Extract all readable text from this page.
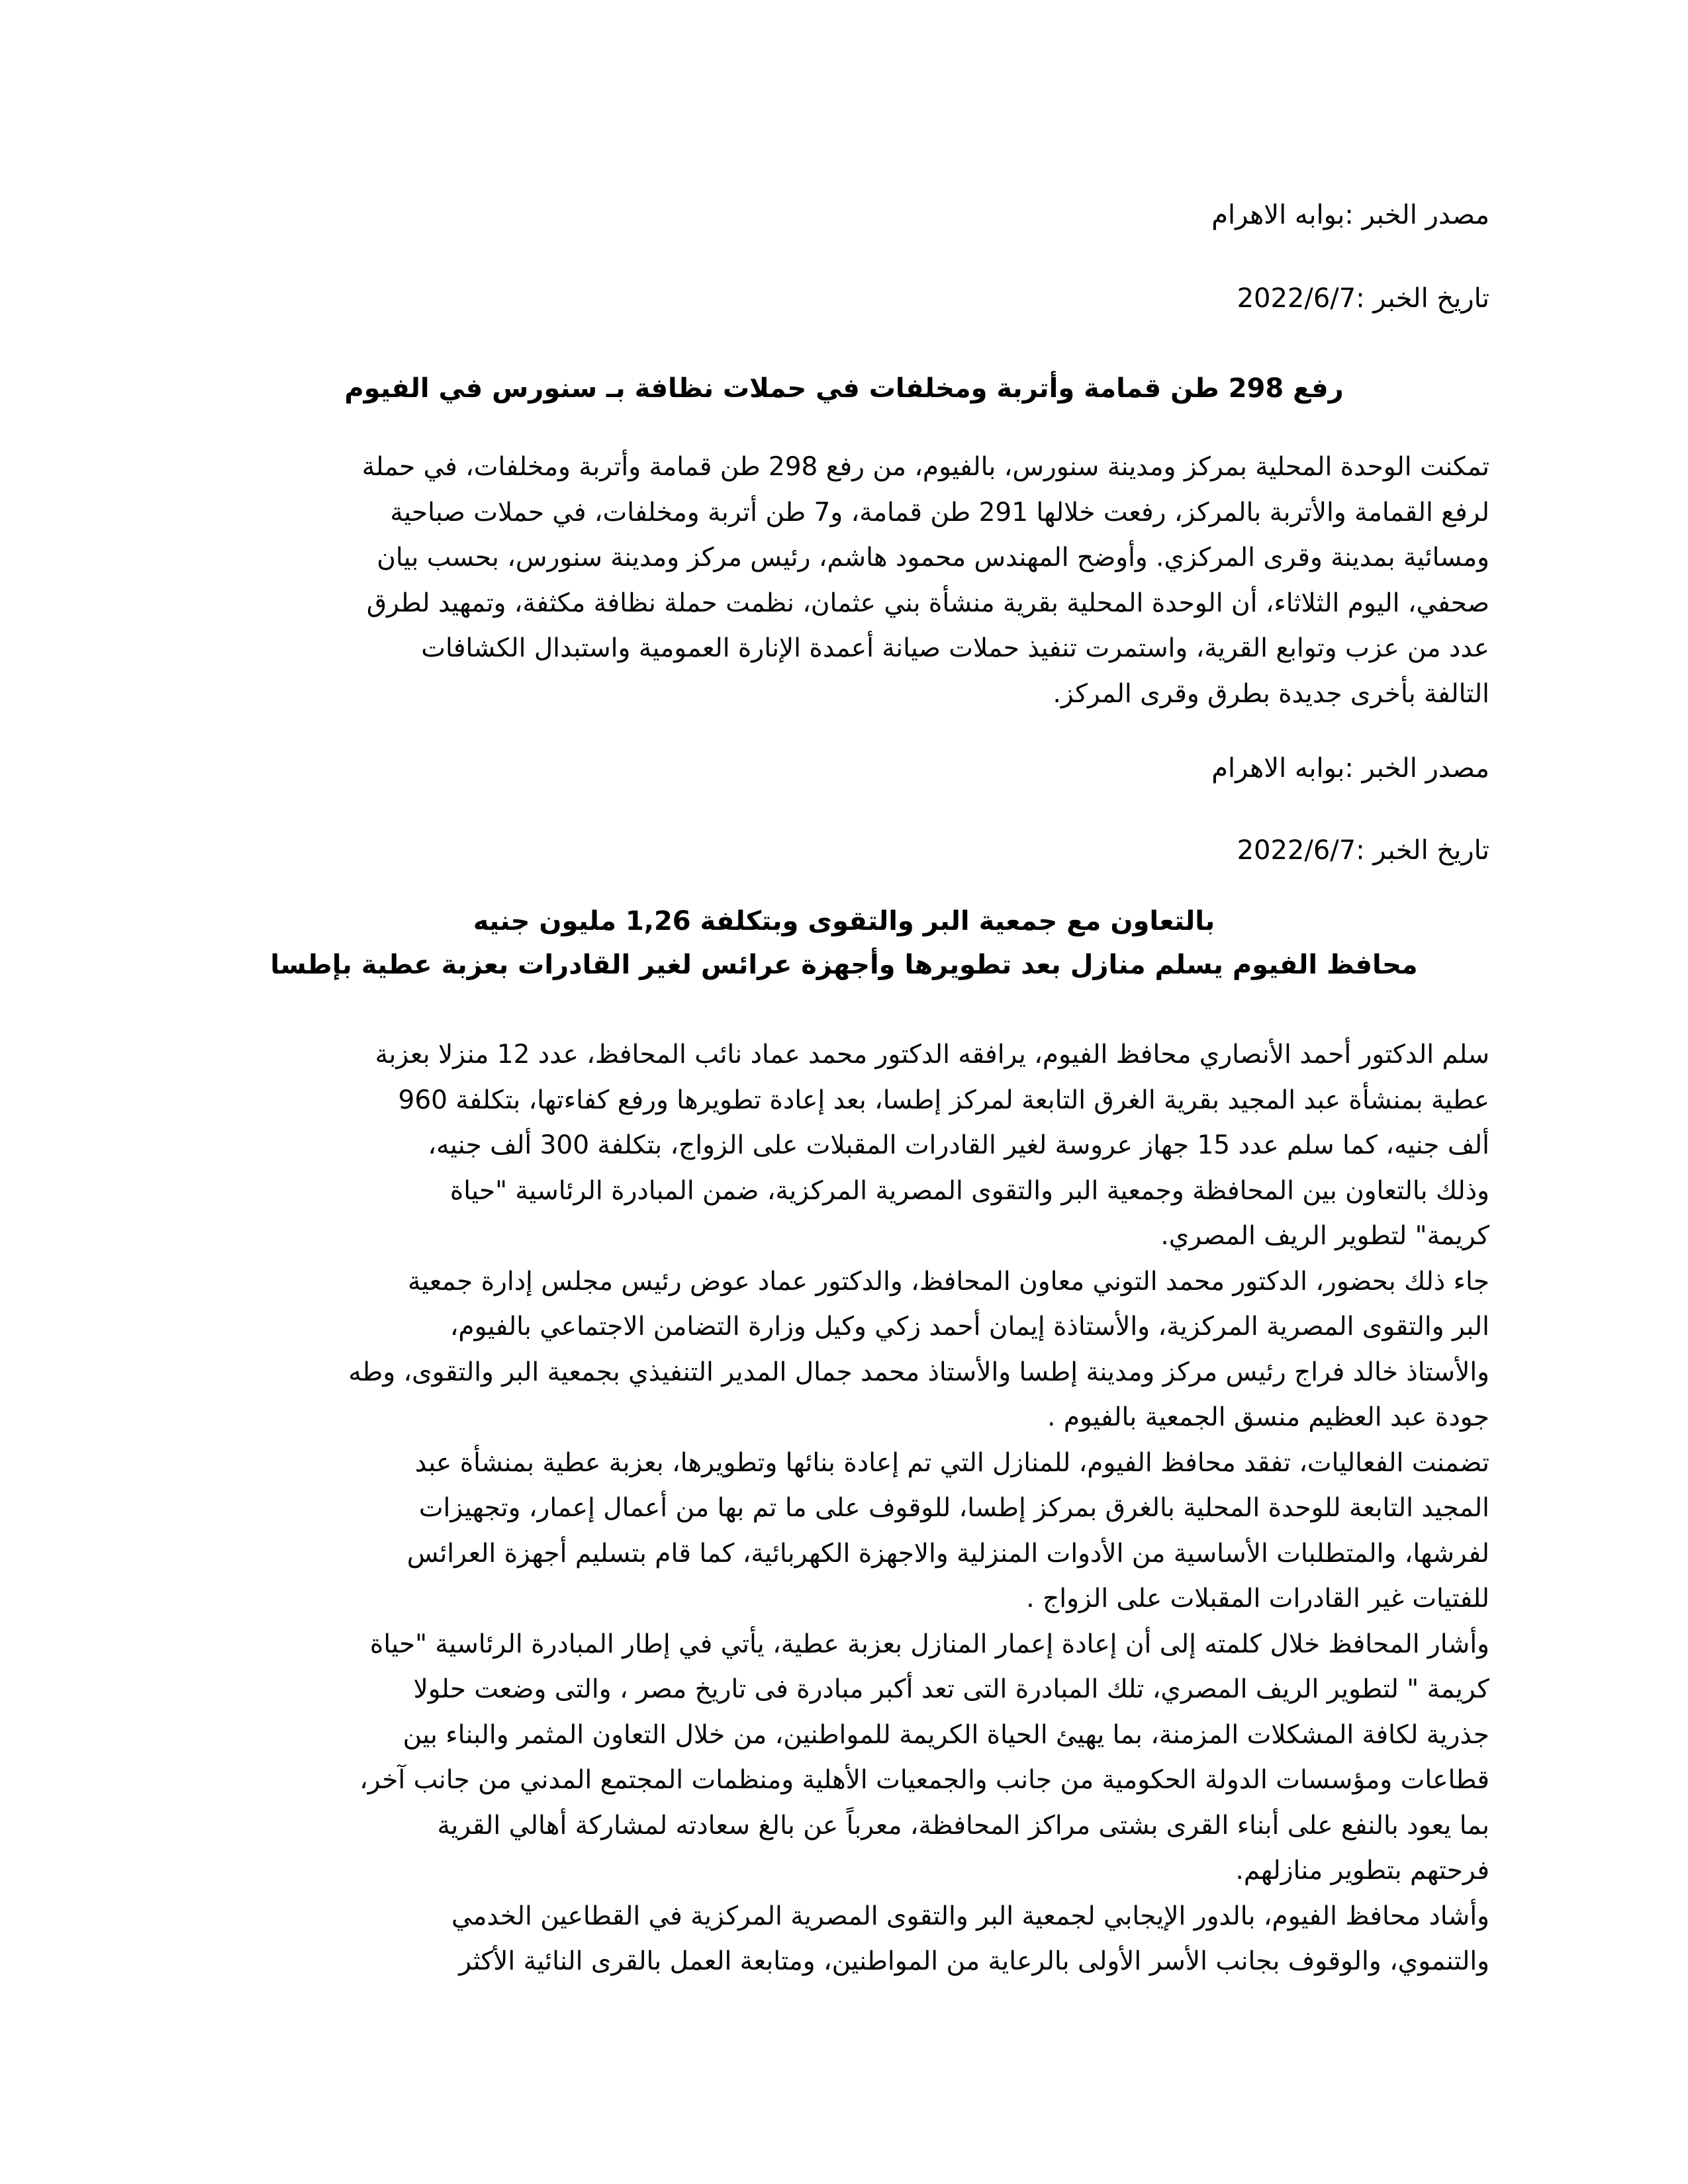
مصدر الخبر :بوابه الاهرام
تاريخ الخبر :2022/6/7
رفع 298 طن قمامة وأتربة ومخلفات في حملات نظافة بـ سنورس في الفيوم
تمكنت الوحدة المحلية بمركز ومدينة سنورس، بالفيوم، من رفع 298 طن قمامة وأتربة ومخلفات، في حملة
لرفع القمامة والأتربة بالمركز، رفعت خلالها 291 طن قمامة، و7 طن أتربة ومخلفات، في حملات صباحية
ومسائية بمدينة وقرى المركزي. وأوضح المهندس محمود هاشم، رئيس مركز ومدينة سنورس، بحسب بيان
صحفي، اليوم الثلاثاء، أن الوحدة المحلية بقرية منشأة بني عثمان، نظمت حملة نظافة مكثفة، وتمهيد لطرق
عدد من عزب وتوابع القرية، واستمرت تنفيذ حملات صيانة أعمدة الإنارة العمومية واستبدال الكشافات
التالفة بأخرى جديدة بطرق وقرى المركز.
مصدر الخبر :بوابه الاهرام
تاريخ الخبر :2022/6/7
بالتعاون مع جمعية البر والتقوى وبتكلفة 1,26 مليون جنيه
محافظ الفيوم يسلم منازل بعد تطويرها وأجهزة عرائس لغير القادرات بعزبة عطية بإطسا
سلم الدكتور أحمد الأنصاري محافظ الفيوم، يرافقه الدكتور محمد عماد نائب المحافظ، عدد 12 منزلا بعزبة
عطية بمنشأة عبد المجيد بقرية الغرق التابعة لمركز إطسا، بعد إعادة تطويرها ورفع كفاءتها، بتكلفة 960
ألف جنيه، كما سلم عدد 15 جهاز عروسة لغير القادرات المقبلات على الزواج، بتكلفة 300 ألف جنيه،
وذلك بالتعاون بين المحافظة وجمعية البر والتقوى المصرية المركزية، ضمن المبادرة الرئاسية "حياة
كريمة" لتطوير الريف المصري.
جاء ذلك بحضور، الدكتور محمد التوني معاون المحافظ، والدكتور عماد عوض رئيس مجلس إدارة جمعية
البر والتقوى المصرية المركزية، والأستاذة إيمان أحمد زكي وكيل وزارة التضامن الاجتماعي بالفيوم،
والأستاذ خالد فراج رئيس مركز ومدينة إطسا والأستاذ محمد جمال المدير التنفيذي بجمعية البر والتقوى، وطه
جودة عبد العظيم منسق الجمعية بالفيوم .
تضمنت الفعاليات، تفقد محافظ الفيوم، للمنازل التي تم إعادة بنائها وتطويرها، بعزبة عطية بمنشأة عبد
المجيد التابعة للوحدة المحلية بالغرق بمركز إطسا، للوقوف على ما تم بها من أعمال إعمار، وتجهيزات
لفرشها، والمتطلبات الأساسية من الأدوات المنزلية والاجهزة الكهربائية، كما قام بتسليم أجهزة العرائس
للفتيات غير القادرات المقبلات على الزواج .
وأشار المحافظ خلال كلمته إلى أن إعادة إعمار المنازل بعزبة عطية، يأتي في إطار المبادرة الرئاسية "حياة
كريمة " لتطوير الريف المصري، تلك المبادرة التى تعد أكبر مبادرة فى تاريخ مصر ، والتى وضعت حلولا
جذرية لكافة المشكلات المزمنة، بما يهيئ الحياة الكريمة للمواطنين، من خلال التعاون المثمر والبناء بين
قطاعات ومؤسسات الدولة الحكومية من جانب والجمعيات الأهلية ومنظمات المجتمع المدني من جانب آخر،
بما يعود بالنفع على أبناء القرى بشتى مراكز المحافظة، معرباً عن بالغ سعادته لمشاركة أهالي القرية
فرحتهم بتطوير منازلهم.
وأشاد محافظ الفيوم، بالدور الإيجابي لجمعية البر والتقوى المصرية المركزية في القطاعين الخدمي
والتنموي، والوقوف بجانب الأسر الأولى بالرعاية من المواطنين، ومتابعة العمل بالقرى النائية الأكثر
